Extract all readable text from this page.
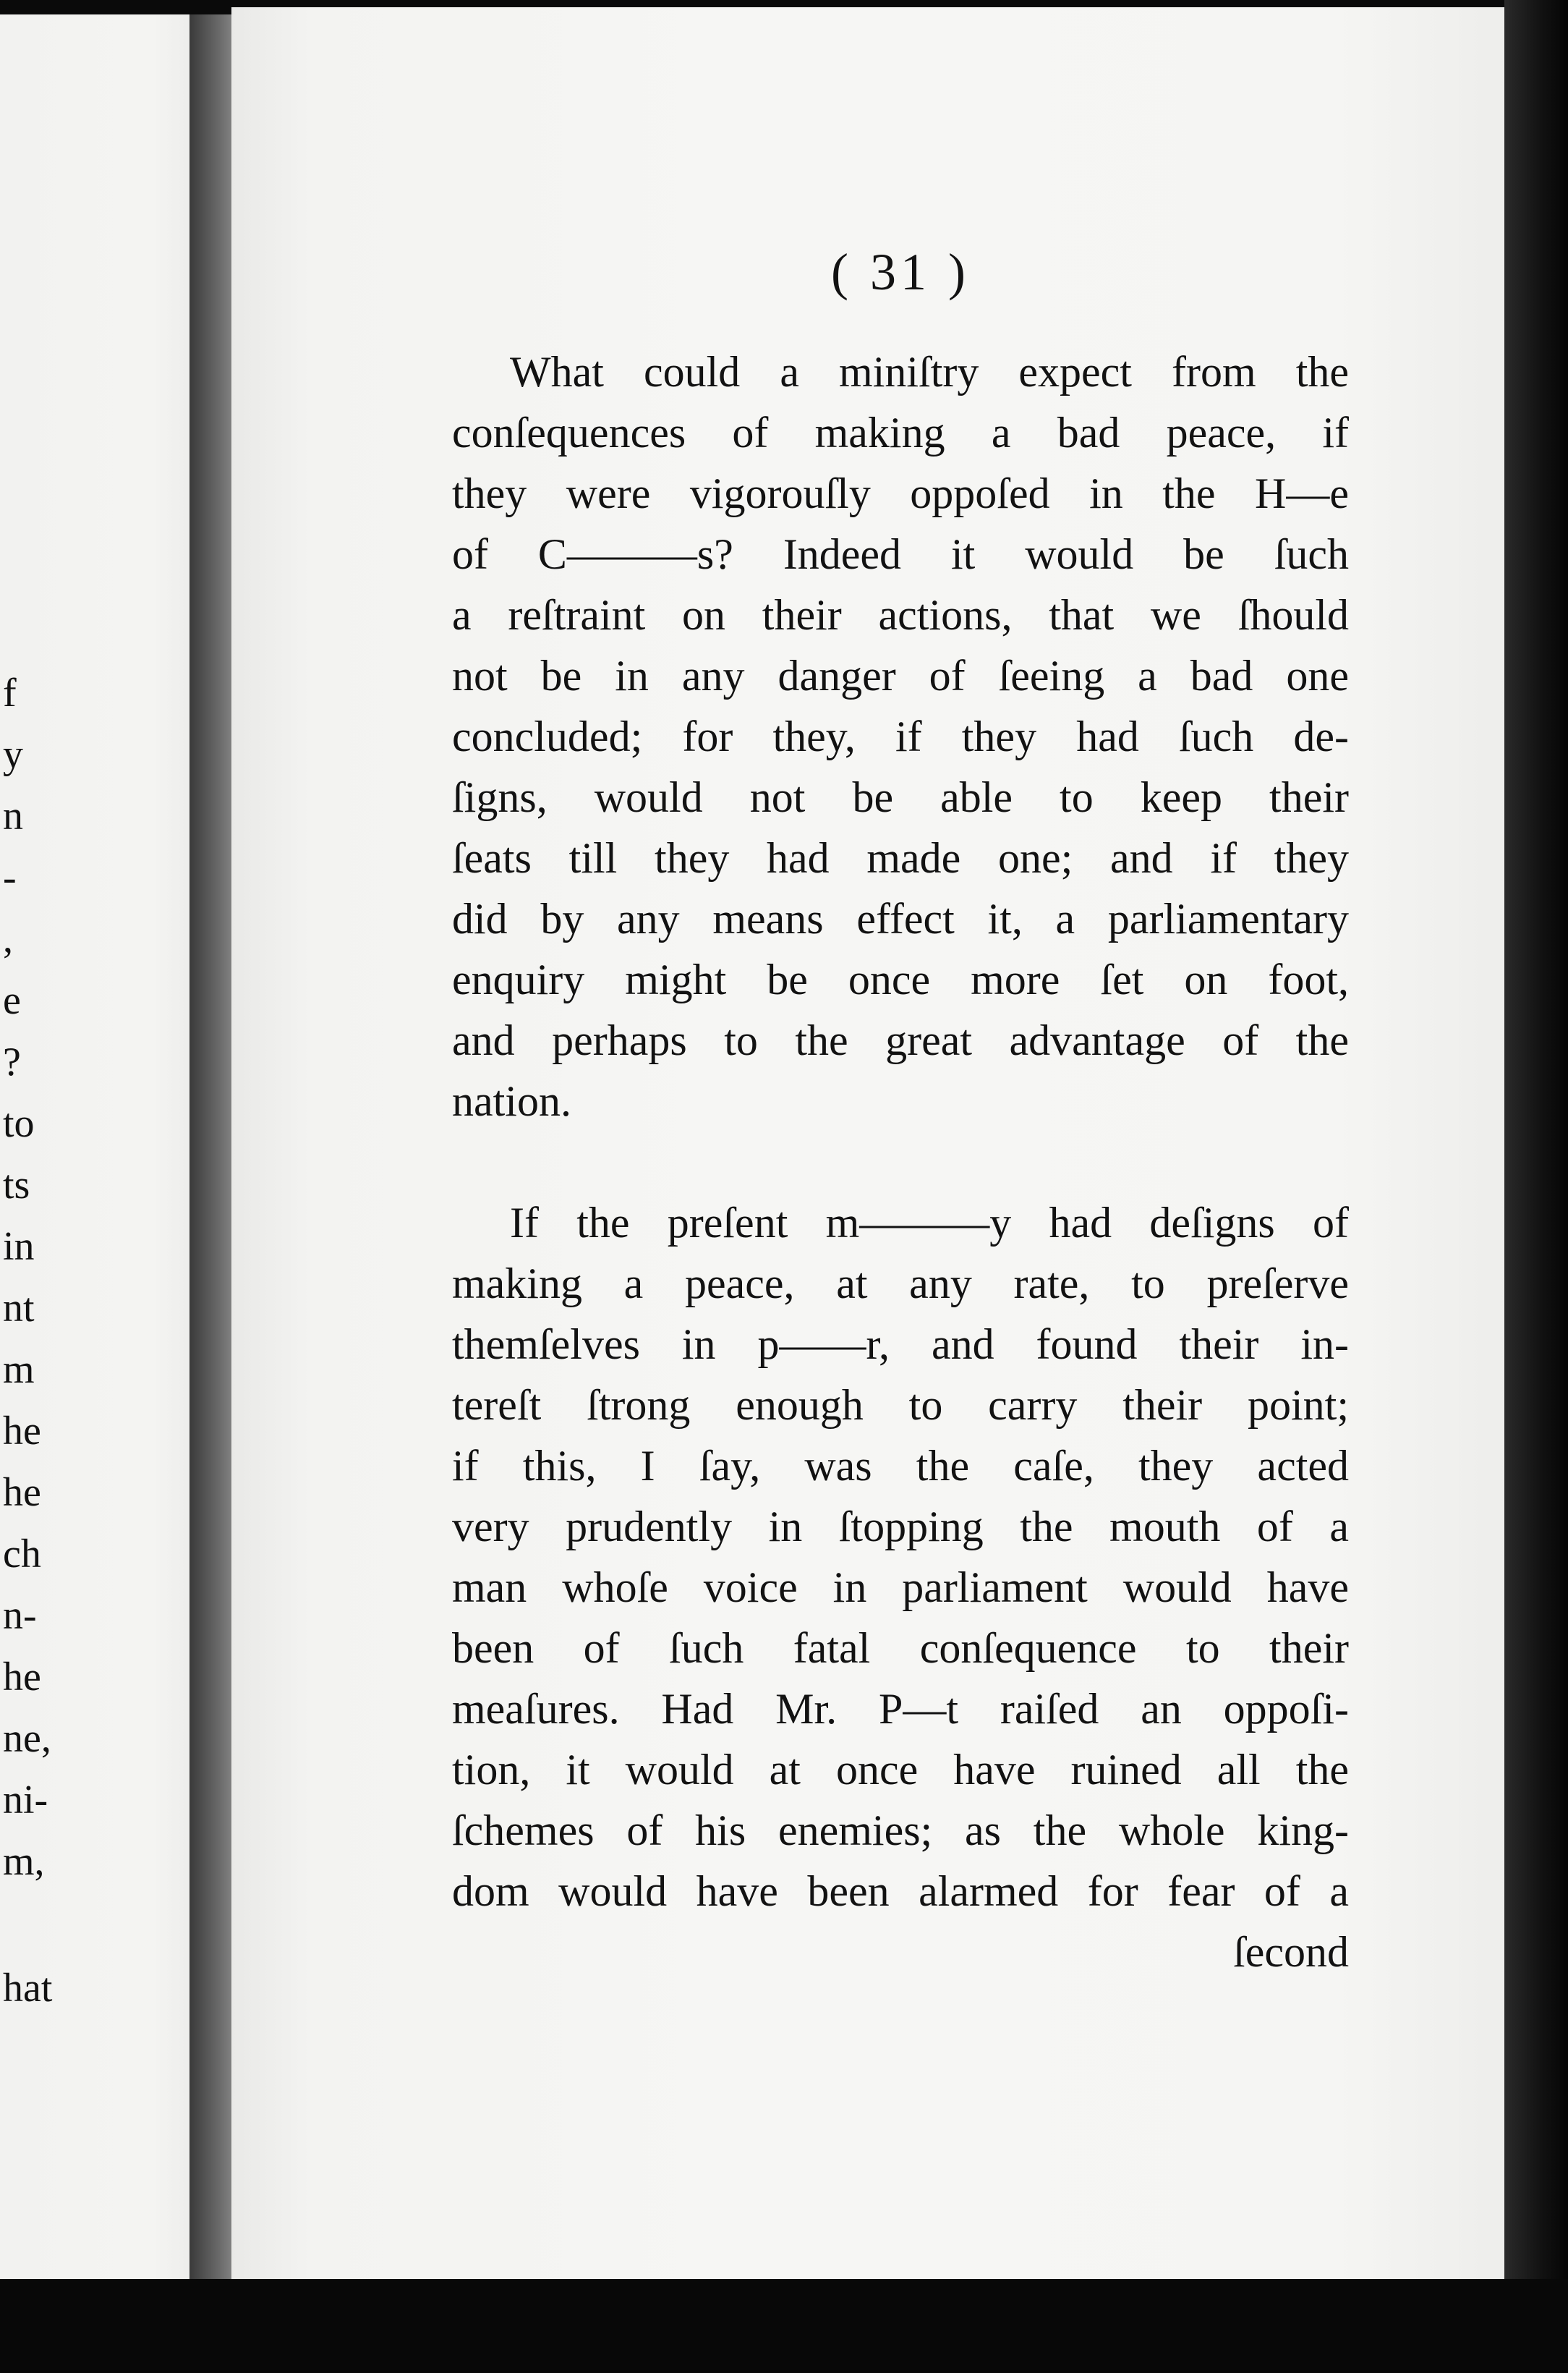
f
y
n
-
,
e
?
to
ts
in
nt
m
he
he
ch
n-
he
ne,
ni-
m,
hat
( 31 )
What could a miniſtry expect from the
conſequences of making a bad peace, if
they were vigorouſly oppoſed in the H—e
of C———s? Indeed it would be ſuch
a reſtraint on their actions, that we ſhould
not be in any danger of ſeeing a bad one
concluded; for they, if they had ſuch de-
ſigns, would not be able to keep their
ſeats till they had made one; and if they
did by any means effect it, a parliamentary
enquiry might be once more ſet on foot,
and perhaps to the great advantage of the
nation.
If the preſent m———y had deſigns of
making a peace, at any rate, to preſerve
themſelves in p——r, and found their in-
tereſt ſtrong enough to carry their point;
if this, I ſay, was the caſe, they acted
very prudently in ſtopping the mouth of a
man whoſe voice in parliament would have
been of ſuch fatal conſequence to their
meaſures. Had Mr. P—t raiſed an oppoſi-
tion, it would at once have ruined all the
ſchemes of his enemies; as the whole king-
dom would have been alarmed for fear of a
ſecond
